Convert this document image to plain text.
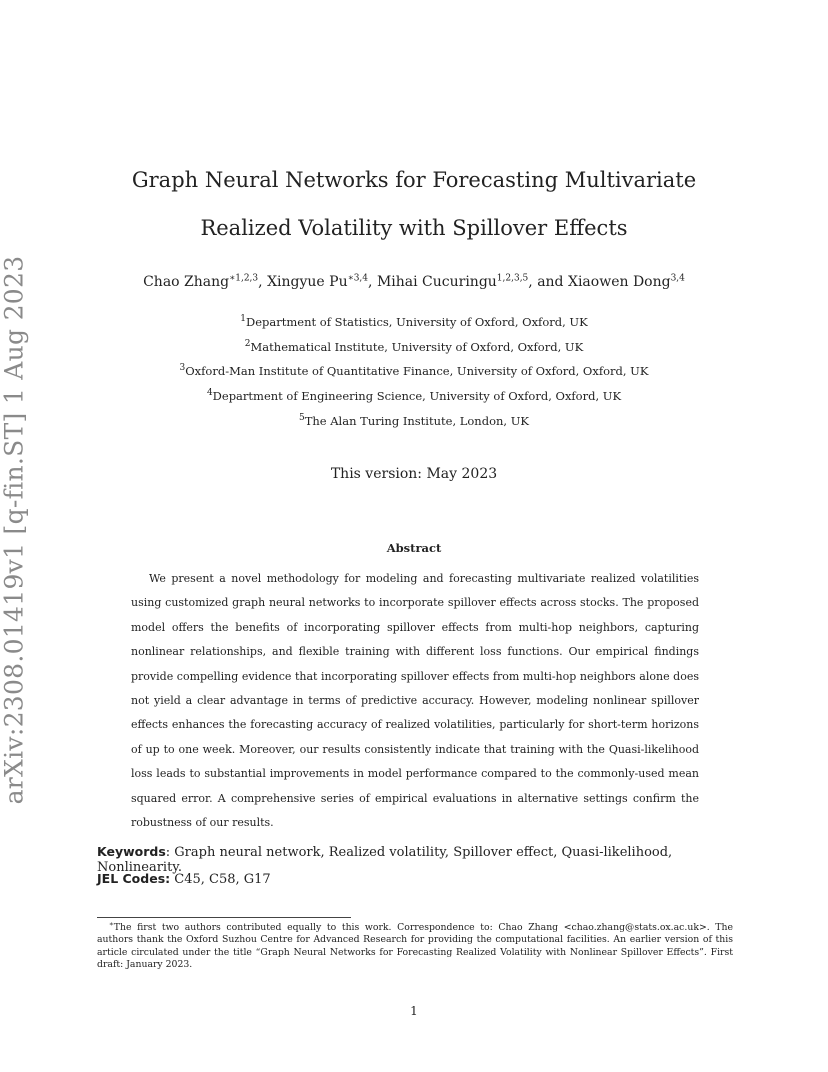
arXiv:2308.01419v1 [q-fin.ST] 1 Aug 2023
Graph Neural Networks for Forecasting Multivariate
Realized Volatility with Spillover Effects
Chao Zhang$^{∗1,2,3}$, Xingyue $Pu^{∗3,4}$, Mihai Cucuringu$^{1,2,3,5}$, and Xiaowen Dong$^{3,4}$
$^1$Department of Statistics, University of Oxford, Oxford, UK
$^2$Mathematical Institute, University of Oxford, Oxford, UK
$^3$Oxford-Man Institute of Quantitative Finance, University of Oxford, Oxford, UK
$^4$Department of Engineering Science, University of Oxford, Oxford, UK
$^5$The Alan Turing Institute, London, UK
This version: May 2023
Abstract
We present a novel methodology for modeling and forecasting multivariate realized volatilities using customized graph neural networks to incorporate spillover effects across stocks. The proposed model offers the benefits of incorporating spillover effects from multi-hop neighbors, capturing nonlinear relationships, and flexible training with different loss functions. Our empirical findings provide compelling evidence that incorporating spillover effects from multi-hop neighbors alone does not yield a clear advantage in terms of predictive accuracy. However, modeling nonlinear spillover effects enhances the forecasting accuracy of realized volatilities, particularly for short-term horizons of up to one week. Moreover, our results consistently indicate that training with the Quasi-likelihood loss leads to substantial improvements in model performance compared to the commonly-used mean squared error. A comprehensive series of empirical evaluations in alternative settings confirm the robustness of our results.
Keywords: Graph neural network, Realized volatility, Spillover effect, Quasi-likelihood, Nonlinearity.
JEL Codes: C45, C58, G17
∗The first two authors contributed equally to this work. Correspondence to: Chao Zhang <chao.zhang@stats.ox.ac.uk>. The authors thank the Oxford Suzhou Centre for Advanced Research for providing the computational facilities. An earlier version of this article circulated under the title “Graph Neural Networks for Forecasting Realized Volatility with Nonlinear Spillover Effects”. First draft: January 2023.
1
